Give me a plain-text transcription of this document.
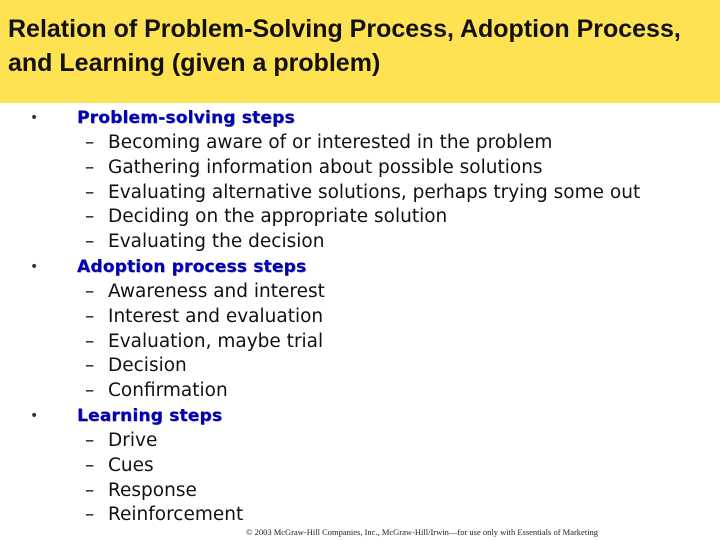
Relation of Problem-Solving Process, Adoption Process, and Learning (given a problem)
• Problem-solving steps
– Becoming aware of or interested in the problem
– Gathering information about possible solutions
– Evaluating alternative solutions, perhaps trying some out
– Deciding on the appropriate solution
– Evaluating the decision
• Adoption process steps
– Awareness and interest
– Interest and evaluation
– Evaluation, maybe trial
– Decision
– Confirmation
• Learning steps
– Drive
– Cues
– Response
– Reinforcement
© 2003 McGraw-Hill Companies, Inc., McGraw-Hill/Irwin—for use only with Essentials of Marketing
